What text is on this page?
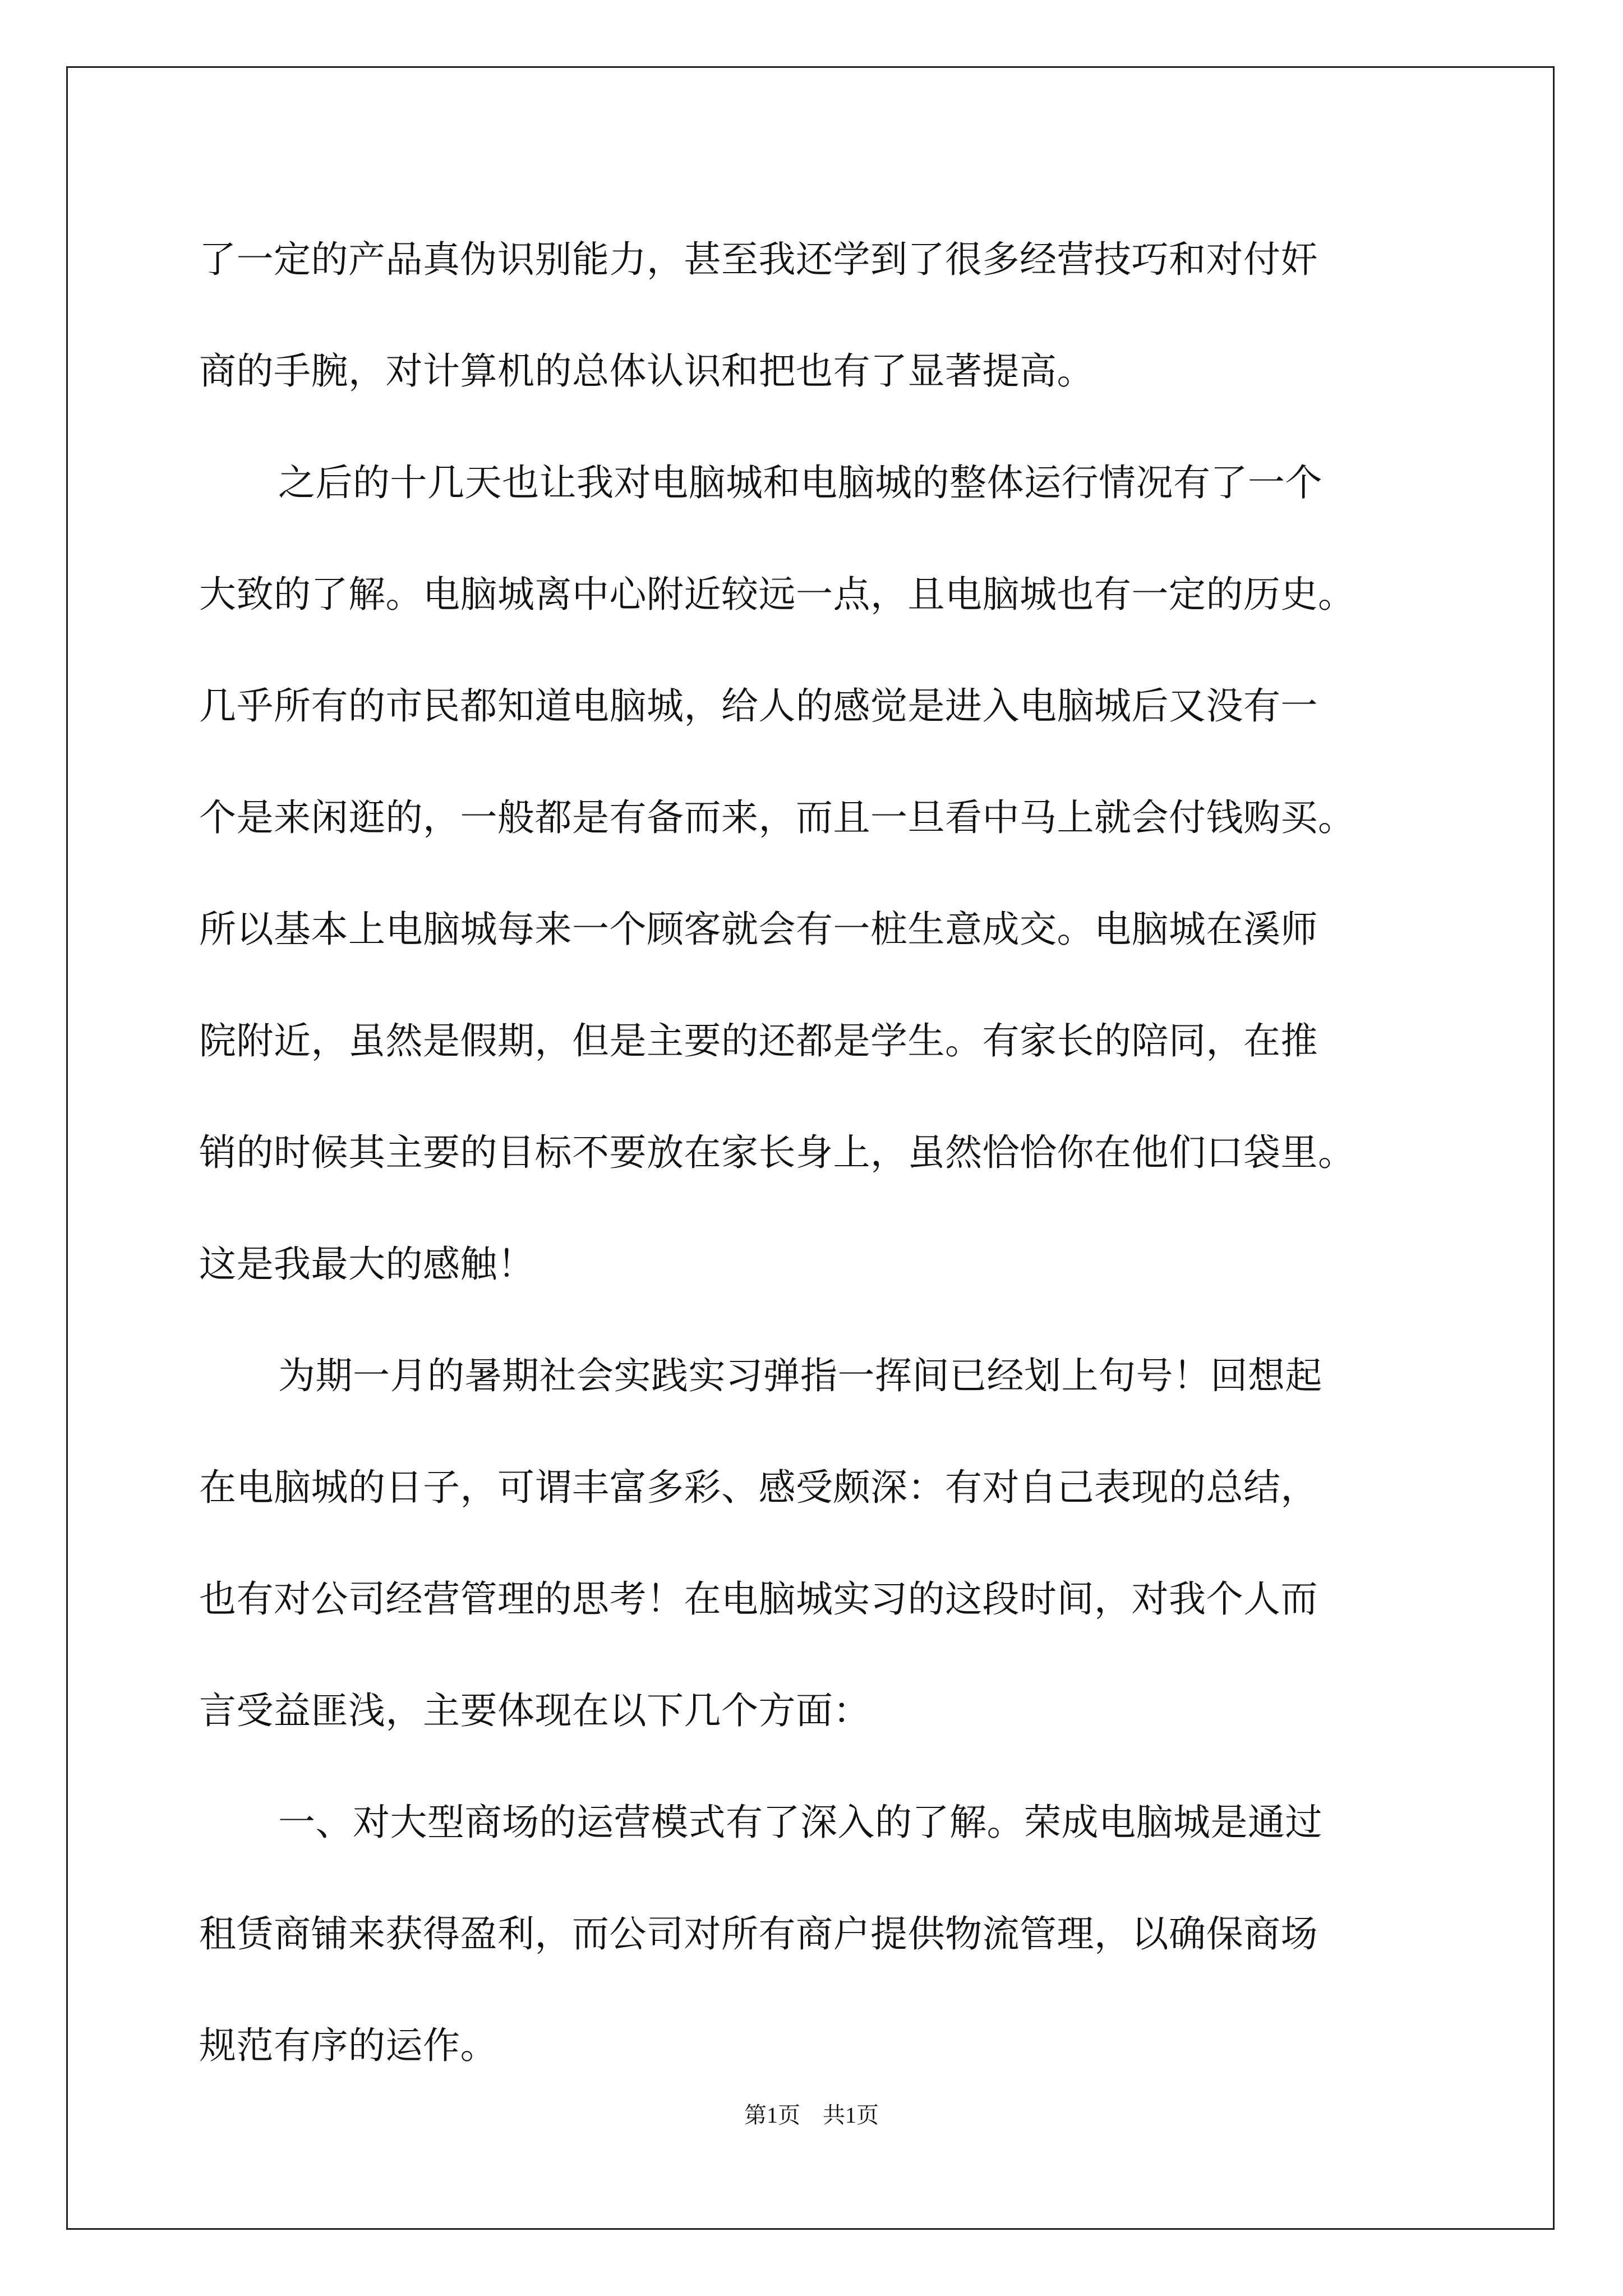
了一定的产品真伪识别能力，甚至我还学到了很多经营技巧和对付奸
商的手腕，对计算机的总体认识和把也有了显著提高。
之后的十几天也让我对电脑城和电脑城的整体运行情况有了一个
大致的了解。电脑城离中心附近较远一点，且电脑城也有一定的历史。
几乎所有的市民都知道电脑城，给人的感觉是进入电脑城后又没有一
个是来闲逛的，一般都是有备而来，而且一旦看中马上就会付钱购买。
所以基本上电脑城每来一个顾客就会有一桩生意成交。电脑城在溪师
院附近，虽然是假期，但是主要的还都是学生。有家长的陪同，在推
销的时候其主要的目标不要放在家长身上，虽然恰恰你在他们口袋里。
这是我最大的感触！
为期一月的暑期社会实践实习弹指一挥间已经划上句号！回想起
在电脑城的日子，可谓丰富多彩、感受颇深：有对自己表现的总结，
也有对公司经营管理的思考！在电脑城实习的这段时间，对我个人而
言受益匪浅，主要体现在以下几个方面：
一、对大型商场的运营模式有了深入的了解。荣成电脑城是通过
租赁商铺来获得盈利，而公司对所有商户提供物流管理，以确保商场
规范有序的运作。
第1页　共1页
